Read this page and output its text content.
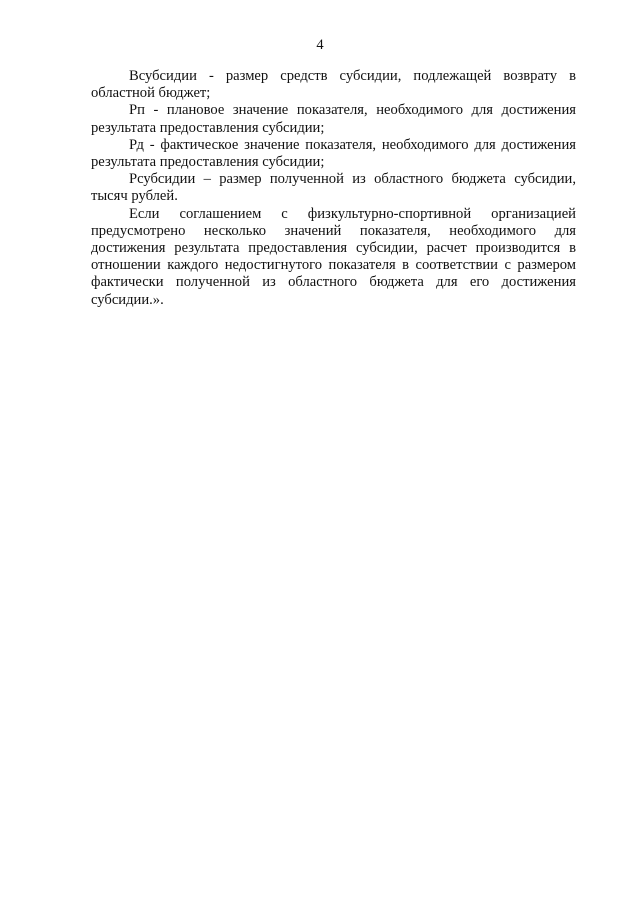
4

Всубсидии - размер средств субсидии, подлежащей возврату в областной бюджет;

Рп - плановое значение показателя, необходимого для достижения результата предоставления субсидии;

Рд - фактическое значение показателя, необходимого для достижения результата предоставления субсидии;

Рсубсидии – размер полученной из областного бюджета субсидии, тысяч рублей.

Если соглашением с физкультурно-спортивной организацией предусмотрено несколько значений показателя, необходимого для достижения результата предоставления субсидии, расчет производится в отношении каждого недостигнутого показателя в соответствии с размером фактически полученной из областного бюджета для его достижения субсидии.».
